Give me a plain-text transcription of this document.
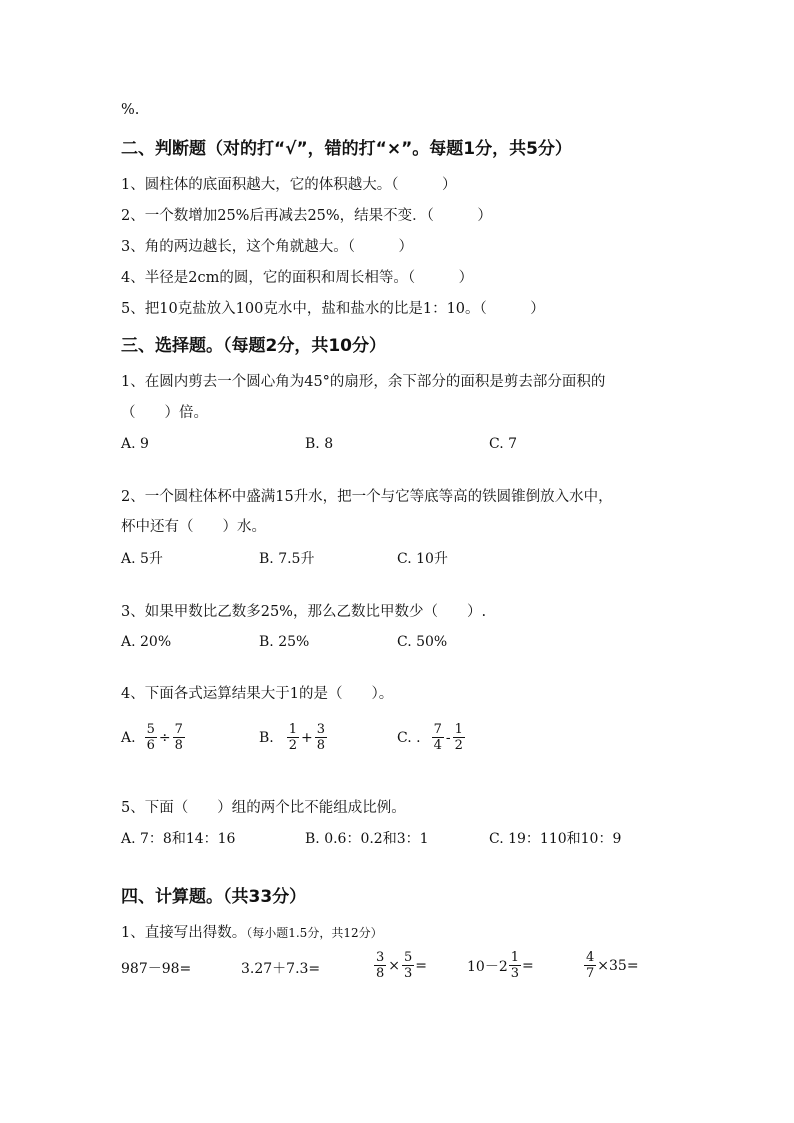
%.
二、判断题（对的打“√”，错的打“×”。每题1分，共5分）
1、圆柱体的底面积越大，它的体积越大。（　　　）
2、一个数增加25%后再减去25%，结果不变．（　　　）
3、角的两边越长，这个角就越大。（　　　）
4、半径是2cm的圆，它的面积和周长相等。（　　　）
5、把10克盐放入100克水中，盐和盐水的比是1：10。（　　　）
三、选择题。（每题2分，共10分）
1、在圆内剪去一个圆心角为45°的扇形，余下部分的面积是剪去部分面积的
（　　）倍。
A. 9	B. 8	C. 7
2、一个圆柱体杯中盛满15升水，把一个与它等底等高的铁圆锥倒放入水中，
杯中还有（　　）水。
A. 5升	B. 7.5升	C. 10升
3、如果甲数比乙数多25%，那么乙数比甲数少（　　）.
A. 20%	B. 25%	C. 50%
4、下面各式运算结果大于1的是（　　）。
A. $\frac{5}{6} \div \frac{7}{8}$	B. $\frac{1}{2} + \frac{3}{8}$	C. . $\frac{7}{4} - \frac{1}{2}$
5、下面（　　）组的两个比不能组成比例。
A. 7：8和14：16	B. 0.6：0.2和3：1	C. 19：110和10：9
四、计算题。（共33分）
1、直接写出得数。（每小题1.5分，共12分）
987－98=	3.27＋7.3=	$\frac{3}{8} \times \frac{5}{3}$ =	$10-2 \frac{1}{3}$ =	$\frac{4}{7} \times 35=$
